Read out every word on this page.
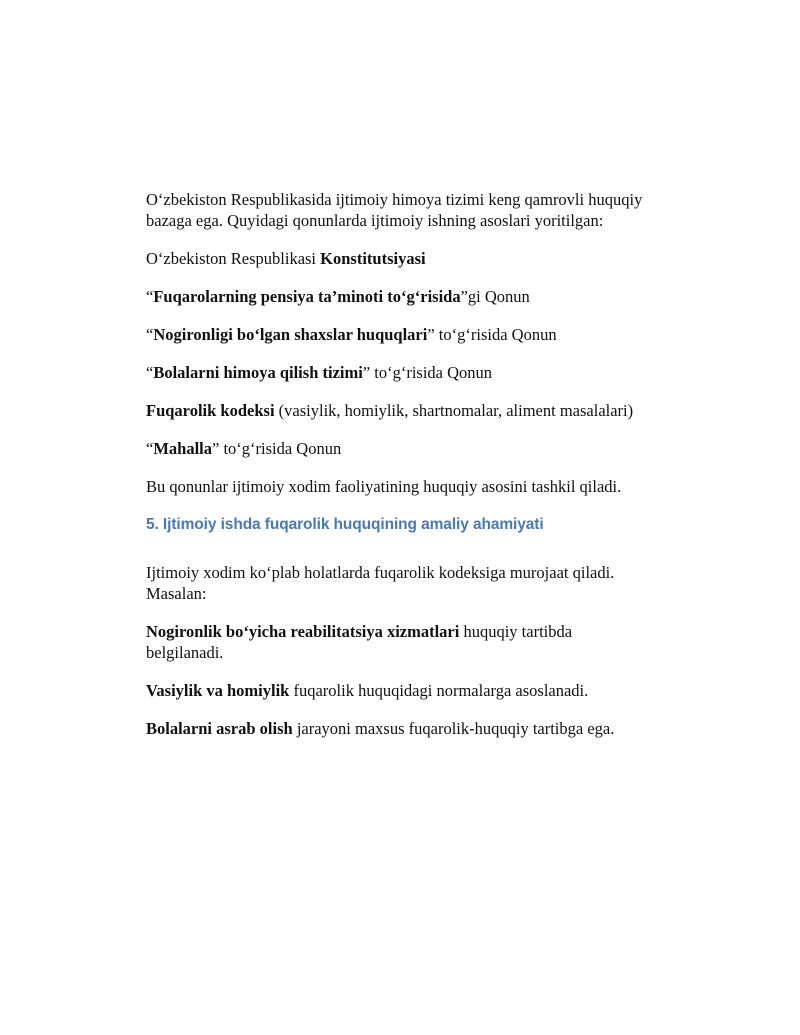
O‘zbekiston Respublikasida ijtimoiy himoya tizimi keng qamrovli huquqiy bazaga ega. Quyidagi qonunlarda ijtimoiy ishning asoslari yoritilgan:

O‘zbekiston Respublikasi Konstitutsiyasi

“Fuqarolarning pensiya ta’minoti to‘g‘risida”gi Qonun

“Nogironligi bo‘lgan shaxslar huquqlari” to‘g‘risida Qonun

“Bolalarni himoya qilish tizimi” to‘g‘risida Qonun

Fuqarolik kodeksi (vasiylik, homiylik, shartnomalar, aliment masalalari)

“Mahalla” to‘g‘risida Qonun

Bu qonunlar ijtimoiy xodim faoliyatining huquqiy asosini tashkil qiladi.

5. Ijtimoiy ishda fuqarolik huquqining amaliy ahamiyati

Ijtimoiy xodim ko‘plab holatlarda fuqarolik kodeksiga murojaat qiladi. Masalan:

Nogironlik bo‘yicha reabilitatsiya xizmatlari huquqiy tartibda belgilanadi.

Vasiylik va homiylik fuqarolik huquqidagi normalarga asoslanadi.

Bolalarni asrab olish jarayoni maxsus fuqarolik-huquqiy tartibga ega.
